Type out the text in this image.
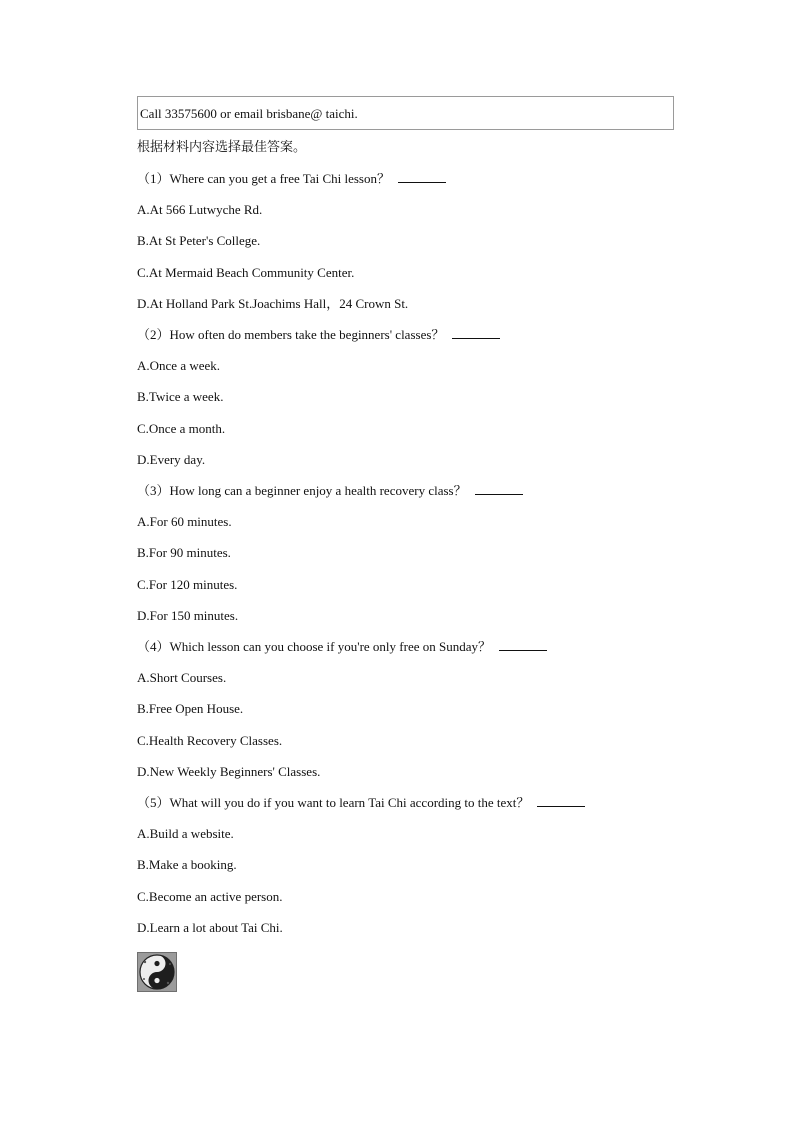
Call 33575600 or email brisbane@ taichi.
根据材料内容选择最佳答案。
（1）Where can you get a free Tai Chi lesson？
A.At 566 Lutwyche Rd.
B.At St Peter's College.
C.At Mermaid Beach Community Center.
D.At Holland Park St.Joachims Hall，24 Crown St.
（2）How often do members take the beginners' classes？
A.Once a week.
B.Twice a week.
C.Once a month.
D.Every day.
（3）How long can a beginner enjoy a health recovery class？
A.For 60 minutes.
B.For 90 minutes.
C.For 120 minutes.
D.For 150 minutes.
（4）Which lesson can you choose if you're only free on Sunday？
A.Short Courses.
B.Free Open House.
C.Health Recovery Classes.
D.New Weekly Beginners' Classes.
（5）What will you do if you want to learn Tai Chi according to the text？
A.Build a website.
B.Make a booking.
C.Become an active person.
D.Learn a lot about Tai Chi.
